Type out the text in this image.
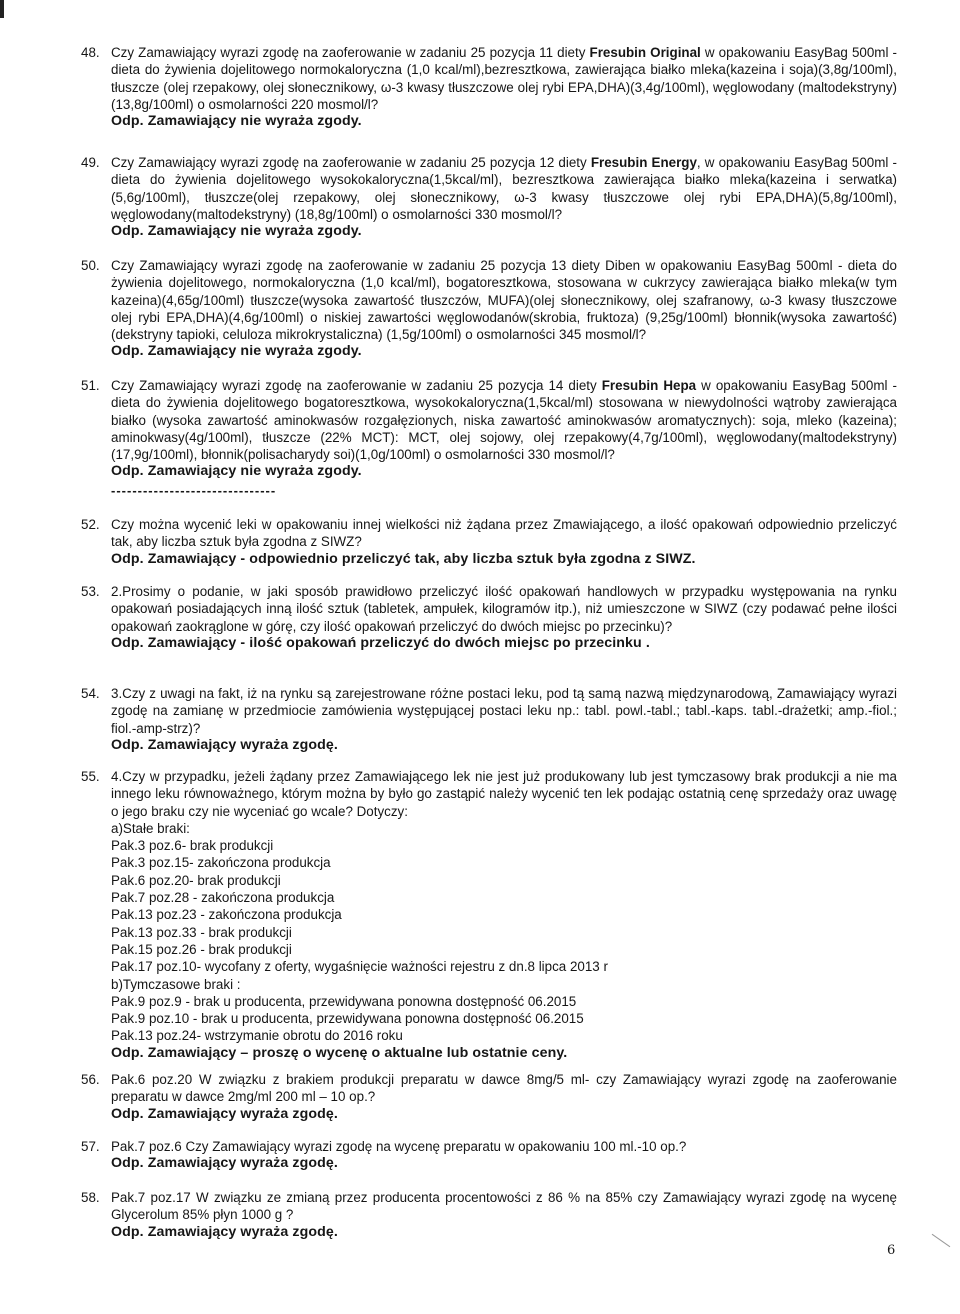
48. Czy Zamawiający wyrazi zgodę na zaoferowanie w zadaniu 25 pozycja 11 diety Fresubin Original w opakowaniu EasyBag 500ml - dieta do żywienia dojelitowego normokaloryczna (1,0 kcal/ml),bezresztkowa, zawierająca białko mleka(kazeina i soja)(3,8g/100ml), tłuszcze (olej rzepakowy, olej słonecznikowy, ω-3 kwasy tłuszczowe olej rybi EPA,DHA)(3,4g/100ml), węglowodany (maltodekstryny) (13,8g/100ml) o osmolarności 220 mosmol/l?

Odp. Zamawiający nie wyraża zgody.

49. Czy Zamawiający wyrazi zgodę na zaoferowanie w zadaniu 25 pozycja 12 diety Fresubin Energy, w opakowaniu EasyBag 500ml - dieta do żywienia dojelitowego wysokokaloryczna(1,5kcal/ml), bezresztkowa zawierająca białko mleka(kazeina i serwatka)(5,6g/100ml), tłuszcze(olej rzepakowy, olej słonecznikowy, ω-3 kwasy tłuszczowe olej rybi EPA,DHA)(5,8g/100ml), węglowodany(maltodekstryny) (18,8g/100ml) o osmolarności 330 mosmol/l?

Odp. Zamawiający nie wyraża zgody.

50. Czy Zamawiający wyrazi zgodę na zaoferowanie w zadaniu 25 pozycja 13 diety Diben w opakowaniu EasyBag 500ml - dieta do żywienia dojelitowego, normokaloryczna (1,0 kcal/ml), bogatoresztkowa, stosowana w cukrzycy zawierająca białko mleka(w tym kazeina)(4,65g/100ml) tłuszcze(wysoka zawartość tłuszczów, MUFA)(olej słonecznikowy, olej szafranowy, ω-3 kwasy tłuszczowe olej rybi EPA,DHA)(4,6g/100ml) o niskiej zawartości węglowodanów(skrobia, fruktoza) (9,25g/100ml) błonnik(wysoka zawartość)(dekstryny tapioki, celuloza mikrokrystaliczna) (1,5g/100ml) o osmolarności 345 mosmol/l?

Odp. Zamawiający nie wyraża zgody.

51. Czy Zamawiający wyrazi zgodę na zaoferowanie w zadaniu 25 pozycja 14 diety Fresubin Hepa w opakowaniu EasyBag 500ml - dieta do żywienia dojelitowego bogatoresztkowa, wysokokaloryczna(1,5kcal/ml) stosowana w niewydolności wątroby zawierająca białko (wysoka zawartość aminokwasów rozgałęzionych, niska zawartość aminokwasów aromatycznych): soja, mleko (kazeina); aminokwasy(4g/100ml), tłuszcze (22% MCT): MCT, olej sojowy, olej rzepakowy(4,7g/100ml), węglowodany(maltodekstryny)(17,9g/100ml), błonnik(polisacharydy soi)(1,0g/100ml) o osmolarności 330 mosmol/l?

Odp. Zamawiający nie wyraża zgody.

-------------------------------
52. Czy można wycenić leki w opakowaniu innej wielkości niż żądana przez Zmawiającego, a ilość opakowań odpowiednio przeliczyć tak, aby liczba sztuk była zgodna z SIWZ?

Odp. Zamawiający - odpowiednio przeliczyć tak, aby liczba sztuk była zgodna z SIWZ.

53. 2.Prosimy o podanie, w jaki sposób prawidłowo przeliczyć ilość opakowań handlowych w przypadku występowania na rynku opakowań posiadających inną ilość sztuk (tabletek, ampułek, kilogramów itp.), niż umieszczone w SIWZ (czy podawać pełne ilości opakowań zaokrąglone w górę, czy ilość opakowań przeliczyć do dwóch miejsc po przecinku)?

Odp. Zamawiający - ilość opakowań przeliczyć do dwóch miejsc po przecinku .

54. 3.Czy z uwagi na fakt, iż na rynku są zarejestrowane różne postaci leku, pod tą samą nazwą międzynarodową, Zamawiający wyrazi zgodę na zamianę w przedmiocie zamówienia występującej postaci leku np.: tabl. powl.-tabl.; tabl.-kaps. tabl.-drażetki; amp.-fiol.; fiol.-amp-strz)?

Odp. Zamawiający wyraża zgodę.

55. 4.Czy w przypadku, jeżeli żądany przez Zamawiającego lek nie jest już produkowany lub jest tymczasowy brak produkcji a nie ma innego leku równoważnego, którym można by było go zastąpić należy wycenić ten lek podając ostatnią cenę sprzedaży oraz uwagę o jego braku czy nie wyceniać go wcale? Dotyczy:

a)Stałe braki:

Pak.3 poz.6- brak produkcji

Pak.3 poz.15- zakończona produkcja

Pak.6 poz.20- brak produkcji

Pak.7 poz.28 - zakończona produkcja

Pak.13 poz.23 - zakończona produkcja

Pak.13 poz.33 - brak produkcji

Pak.15 poz.26 - brak produkcji

Pak.17 poz.10- wycofany z oferty, wygaśnięcie ważności rejestru z dn.8 lipca 2013 r

b)Tymczasowe braki :

Pak.9 poz.9 - brak u producenta, przewidywana ponowna dostępność 06.2015

Pak.9 poz.10 - brak u producenta, przewidywana ponowna dostępność 06.2015

Pak.13 poz.24- wstrzymanie obrotu do 2016 roku

Odp. Zamawiający – proszę o wycenę o aktualne lub ostatnie ceny.

56. Pak.6 poz.20 W związku z brakiem produkcji preparatu w dawce 8mg/5 ml- czy Zamawiający wyrazi zgodę na zaoferowanie preparatu w dawce 2mg/ml 200 ml – 10 op.?

Odp. Zamawiający wyraża zgodę.

57. Pak.7 poz.6 Czy Zamawiający wyrazi zgodę na wycenę preparatu w opakowaniu 100 ml.-10 op.?

Odp. Zamawiający wyraża zgodę.

58. Pak.7 poz.17 W związku ze zmianą przez producenta procentowości z 86 % na 85% czy Zamawiający wyrazi zgodę na wycenę Glycerolum 85% płyn 1000 g ?

Odp. Zamawiający wyraża zgodę.

6
